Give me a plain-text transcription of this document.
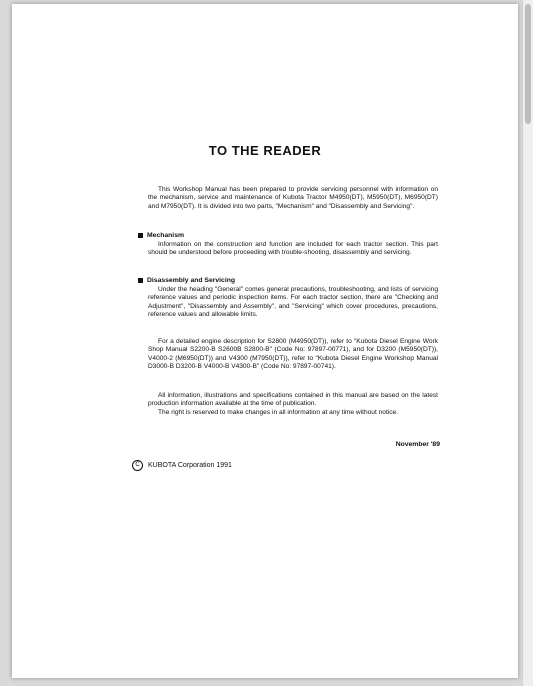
TO THE READER
This Workshop Manual has been prepared to provide servicing personnel with information on the mechanism, service and maintenance of Kubota Tractor M4950(DT), M5950(DT), M6950(DT) and M7950(DT). It is divided into two parts, "Mechanism" and "Disassembly and Servicing".
Mechanism
Information on the construction and function are included for each tractor section. This part should be understood before proceeding with trouble-shooting, disassembly and servicing.
Disassembly and Servicing
Under the heading "General" comes general precautions, troubleshooting, and lists of servicing reference values and periodic inspection items. For each tractor section, there are "Checking and Adjustment", "Disassembly and Assembly", and "Servicing" which cover procedures, precautions, reference values and allowable limits.
For a detailed engine description for S2800 (M4950(DT)), refer to "Kubota Diesel Engine Work Shop Manual S2200-B S2600B S2800-B" (Code No: 97897-00771), and for D3200 (M5950(DT)), V4000-2 (M6950(DT)) and V4300 (M7950(DT)), refer to "Kubota Diesel Engine Workshop Manual D3000-B D3200-B V4000-B V4300-B" (Code No: 97897-00741).
All information, illustrations and specifications contained in this manual are based on the latest production information available at the time of publication.
The right is reserved to make changes in all information at any time without notice.
November '89
C	KUBOTA Corporation 1991
